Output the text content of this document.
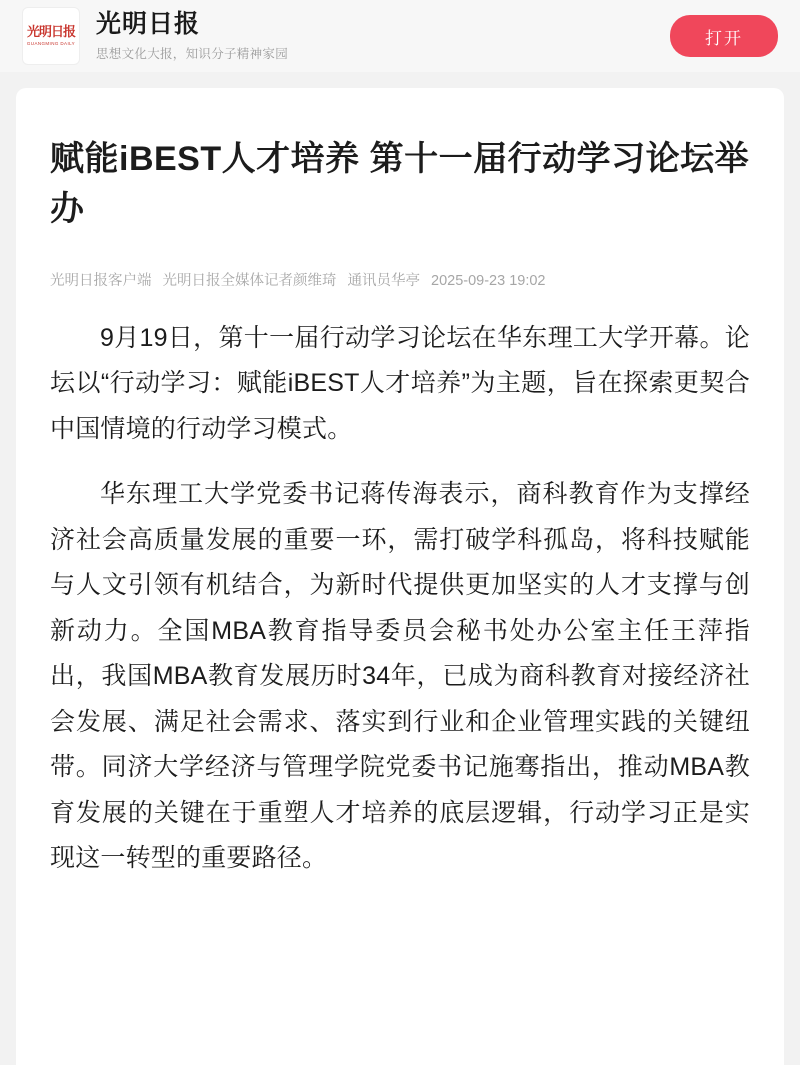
光明日报
GUANGMING DAILY
光明日报
思想文化大报，知识分子精神家园
打开
赋能iBEST人才培养 第十一届行动学习论坛举办
光明日报客户端 光明日报全媒体记者颜维琦 通讯员华亭 2025-09-23 19:02

9月19日，第十一届行动学习论坛在华东理工大学开幕。论坛以“行动学习：赋能iBEST人才培养”为主题，旨在探索更契合中国情境的行动学习模式。

华东理工大学党委书记蒋传海表示，商科教育作为支撑经济社会高质量发展的重要一环，需打破学科孤岛，将科技赋能与人文引领有机结合，为新时代提供更加坚实的人才支撑与创新动力。全国MBA教育指导委员会秘书处办公室主任王萍指出，我国MBA教育发展历时34年，已成为商科教育对接经济社会发展、满足社会需求、落实到行业和企业管理实践的关键纽带。同济大学经济与管理学院党委书记施骞指出，推动MBA教育发展的关键在于重塑人才培养的底层逻辑，行动学习正是实现这一转型的重要路径。
